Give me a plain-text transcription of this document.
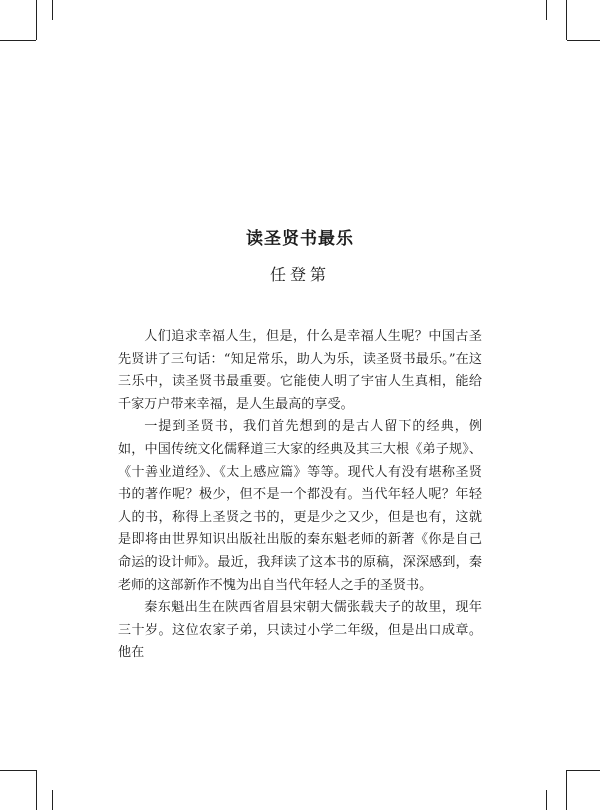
读圣贤书最乐
任登第

人们追求幸福人生，但是，什么是幸福人生呢？中国古圣先贤讲了三句话：“知足常乐，助人为乐，读圣贤书最乐。”在这三乐中，读圣贤书最重要。它能使人明了宇宙人生真相，能给千家万户带来幸福，是人生最高的享受。

一提到圣贤书，我们首先想到的是古人留下的经典，例如，中国传统文化儒释道三大家的经典及其三大根《弟子规》、《十善业道经》、《太上感应篇》等等。现代人有没有堪称圣贤书的著作呢？极少，但不是一个都没有。当代年轻人呢？年轻人的书，称得上圣贤之书的，更是少之又少，但是也有，这就是即将由世界知识出版社出版的秦东魁老师的新著《你是自己命运的设计师》。最近，我拜读了这本书的原稿，深深感到，秦老师的这部新作不愧为出自当代年轻人之手的圣贤书。

秦东魁出生在陕西省眉县宋朝大儒张载夫子的故里，现年三十岁。这位农家子弟，只读过小学二年级，但是出口成章。他在
